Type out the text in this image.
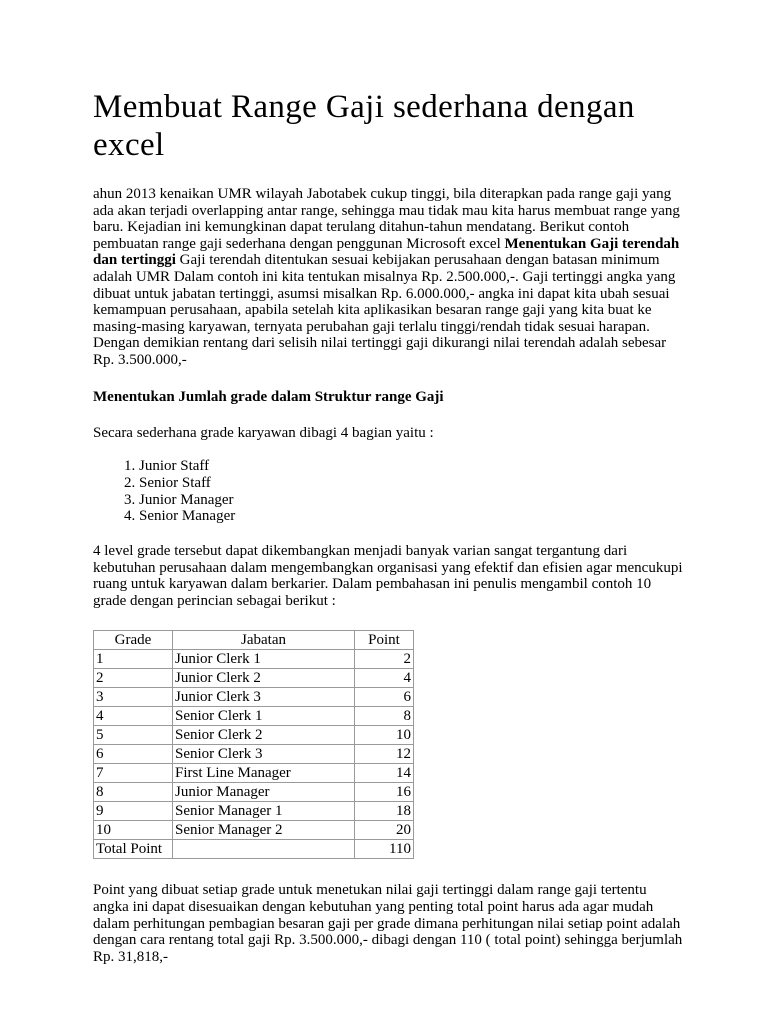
Membuat Range Gaji sederhana dengan excel

ahun 2013 kenaikan UMR wilayah Jabotabek cukup tinggi, bila diterapkan pada range gaji yang ada akan terjadi overlapping antar range, sehingga mau tidak mau kita harus membuat range yang baru. Kejadian ini kemungkinan dapat terulang ditahun-tahun mendatang. Berikut contoh pembuatan range gaji sederhana dengan penggunan Microsoft excel Menentukan Gaji terendah dan tertinggi Gaji terendah ditentukan sesuai kebijakan perusahaan dengan batasan minimum adalah UMR Dalam contoh ini kita tentukan misalnya Rp. 2.500.000,-. Gaji tertinggi angka yang dibuat untuk jabatan tertinggi, asumsi misalkan Rp. 6.000.000,- angka ini dapat kita ubah sesuai kemampuan perusahaan, apabila setelah kita aplikasikan besaran range gaji yang kita buat ke masing-masing karyawan, ternyata perubahan gaji terlalu tinggi/rendah tidak sesuai harapan. Dengan demikian rentang dari selisih nilai tertinggi gaji dikurangi nilai terendah adalah sebesar Rp. 3.500.000,-

Menentukan Jumlah grade dalam Struktur range Gaji

Secara sederhana grade karyawan dibagi 4 bagian yaitu :

1. Junior Staff
2. Senior Staff
3. Junior Manager
4. Senior Manager

4 level grade tersebut dapat dikembangkan menjadi banyak varian sangat tergantung dari kebutuhan perusahaan dalam mengembangkan organisasi yang efektif dan efisien agar mencukupi ruang untuk karyawan dalam berkarier. Dalam pembahasan ini penulis mengambil contoh 10 grade dengan perincian sebagai berikut :

Grade	Jabatan	Point
1	Junior Clerk 1	2
2	Junior Clerk 2	4
3	Junior Clerk 3	6
4	Senior Clerk 1	8
5	Senior Clerk 2	10
6	Senior Clerk 3	12
7	First Line Manager	14
8	Junior Manager	16
9	Senior Manager 1	18
10	Senior Manager 2	20
Total Point		110

Point yang dibuat setiap grade untuk menetukan nilai gaji tertinggi dalam range gaji tertentu angka ini dapat disesuaikan dengan kebutuhan yang penting total point harus ada agar mudah dalam perhitungan pembagian besaran gaji per grade dimana perhitungan nilai setiap point adalah dengan cara rentang total gaji Rp. 3.500.000,- dibagi dengan 110 ( total point) sehingga berjumlah Rp. 31,818,-
